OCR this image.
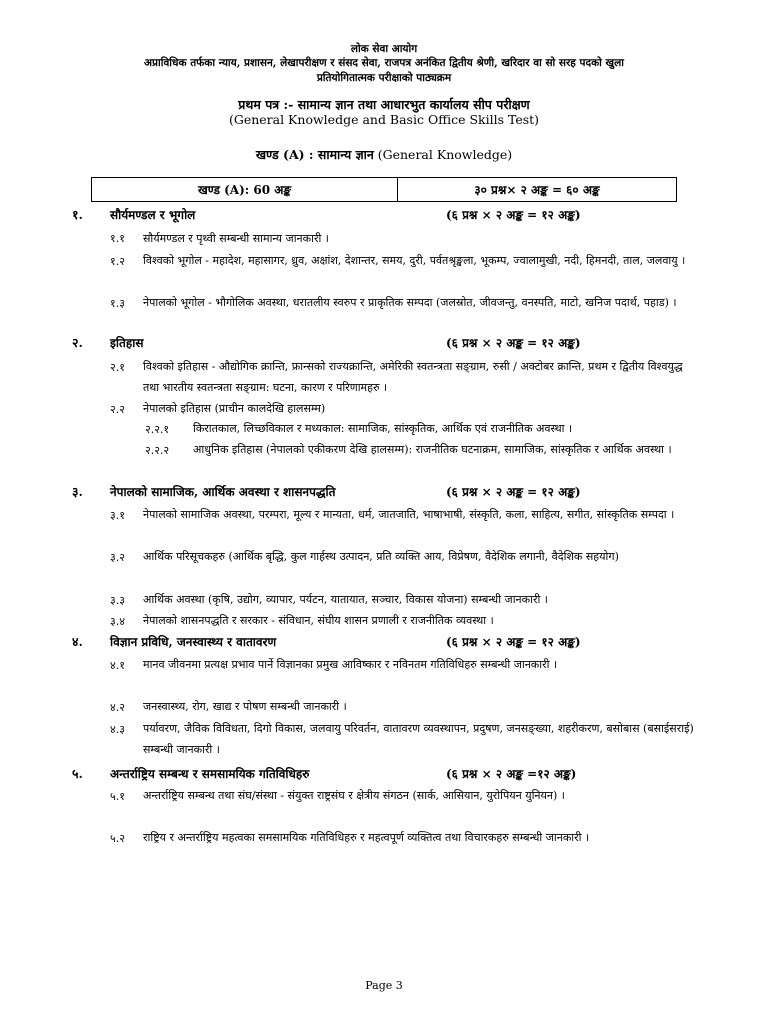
लोक सेवा आयोग
अप्राविधिक तर्फका न्याय, प्रशासन, लेखापरीक्षण र संसद सेवा, राजपत्र अनंकित द्वितीय श्रेणी, खरिदार वा सो सरह पदको खुला
प्रतियोगितात्मक परीक्षाको पाठ्यक्रम
प्रथम पत्र :- सामान्य ज्ञान तथा आधारभुत कार्यालय सीप परीक्षण
(General Knowledge and Basic Office Skills Test)
खण्ड (A) : सामान्य ज्ञान (General Knowledge)
खण्ड (A): 60 अङ्क	३० प्रश्न× २ अङ्क = ६० अङ्क
१. सौर्यमण्डल र भूगोल	(६ प्रश्न × २ अङ्क = १२ अङ्क)
१.१ सौर्यमण्डल र पृथ्वी सम्बन्धी सामान्य जानकारी ।
१.२ विश्वको भूगोल - महादेश, महासागर, ध्रुव, अक्षांश, देशान्तर, समय, दुरी, पर्वतश्रृङ्खला, भूकम्प, ज्वालामुखी, नदी, हिमनदी, ताल, जलवायु ।
१.३ नेपालको भूगोल - भौगोलिक अवस्था, धरातलीय स्वरुप र प्राकृतिक सम्पदा (जलस्रोत, जीवजन्तु, वनस्पति, माटो, खनिज पदार्थ, पहाड) ।
२. इतिहास	(६ प्रश्न × २ अङ्क = १२ अङ्क)
२.१ विश्वको इतिहास - औद्योगिक क्रान्ति, फ्रान्सको राज्यक्रान्ति, अमेरिकी स्वतन्त्रता सङ्ग्राम, रुसी / अक्टोबर क्रान्ति, प्रथम र द्वितीय विश्वयुद्ध तथा भारतीय स्वतन्त्रता सङ्ग्राम: घटना, कारण र परिणामहरु ।
२.२ नेपालको इतिहास (प्राचीन कालदेखि हालसम्म)
२.२.१ किरातकाल, लिच्छविकाल र मध्यकाल: सामाजिक, सांस्कृतिक, आर्थिक एवं राजनीतिक अवस्था ।
२.२.२ आधुनिक इतिहास (नेपालको एकीकरण देखि हालसम्म): राजनीतिक घटनाक्रम, सामाजिक, सांस्कृतिक र आर्थिक अवस्था ।
३. नेपालको सामाजिक, आर्थिक अवस्था र शासनपद्धति	(६ प्रश्न × २ अङ्क = १२ अङ्क)
३.१ नेपालको सामाजिक अवस्था, परम्परा, मूल्य र मान्यता, धर्म, जातजाति, भाषाभाषी, संस्कृति, कला, साहित्य, सगीत, सांस्कृतिक सम्पदा ।
३.२ आर्थिक परिसूचकहरु (आर्थिक बृद्धि, कुल गार्हस्थ उत्पादन, प्रति व्यक्ति आय, विप्रेषण, वैदेशिक लगानी, वैदेशिक सहयोग)
३.३ आर्थिक अवस्था (कृषि, उद्योग, व्यापार, पर्यटन, यातायात, सञ्चार, विकास योजना) सम्बन्धी जानकारी ।
३.४ नेपालको शासनपद्धति र सरकार - संविधान, संघीय शासन प्रणाली र राजनीतिक व्यवस्था ।
४. विज्ञान प्रविधि, जनस्वास्थ्य र वातावरण	(६ प्रश्न × २ अङ्क = १२ अङ्क)
४.१ मानव जीवनमा प्रत्यक्ष प्रभाव पार्ने विज्ञानका प्रमुख आविष्कार र नविनतम गतिविधिहरु सम्बन्धी जानकारी ।
४.२ जनस्वास्थ्य, रोग, खाद्य र पोषण सम्बन्धी जानकारी ।
४.३ पर्यावरण, जैविक विविधता, दिगो विकास, जलवायु परिवर्तन, वातावरण व्यवस्थापन, प्रदुषण, जनसङ्ख्या, शहरीकरण, बसोबास (बसाईसराई) सम्बन्धी जानकारी ।
५. अन्तर्राष्ट्रिय सम्बन्ध र समसामयिक गतिविधिहरु	(६ प्रश्न × २ अङ्क =१२ अङ्क)
५.१ अन्तर्राष्ट्रिय सम्बन्ध तथा संघ/संस्था - संयुक्त राष्ट्रसंघ र क्षेत्रीय संगठन (सार्क, आसियान, युरोपियन युनियन) ।
५.२ राष्ट्रिय र अन्तर्राष्ट्रिय महत्वका समसामयिक गतिविधिहरु र महत्वपूर्ण व्यक्तित्व तथा विचारकहरु सम्बन्धी जानकारी ।
Page 3
